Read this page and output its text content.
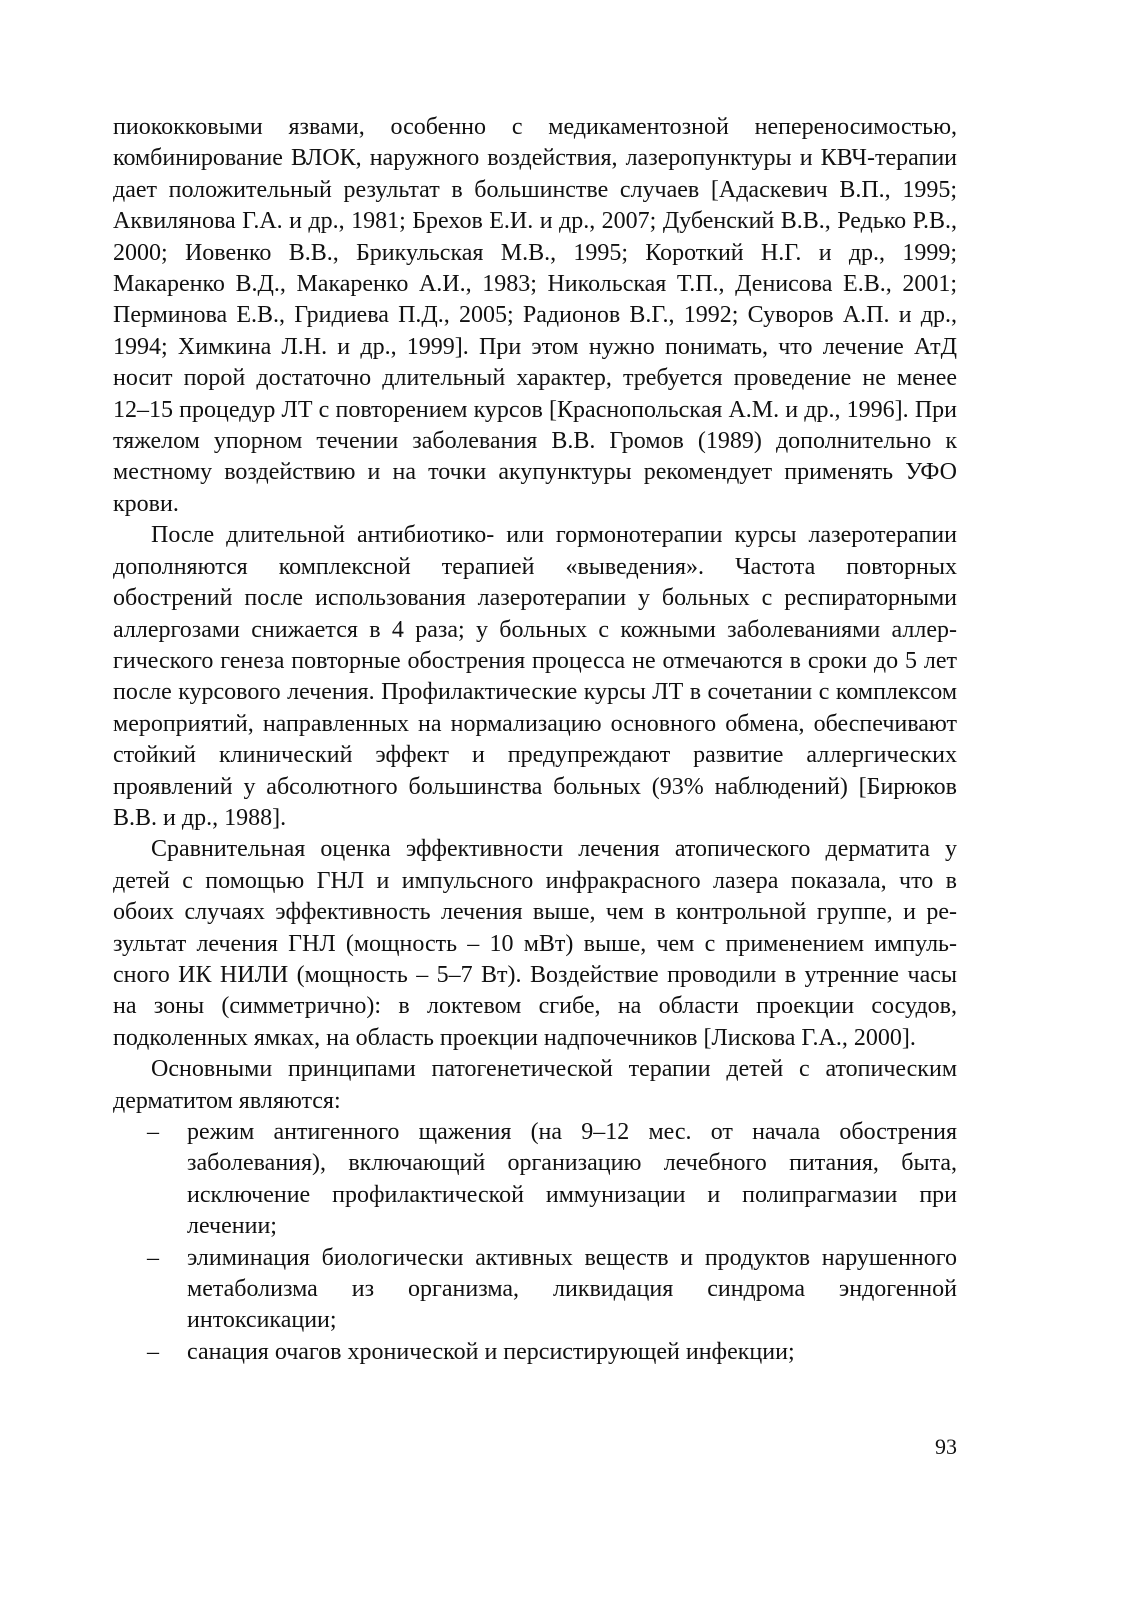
пиококковыми язвами, особенно с медикаментозной непереносимостью, комбинирование ВЛОК, наружного воздействия, лазеропунктуры и КВЧ-терапии дает положительный результат в большинстве случаев [Адаскевич В.П., 1995; Аквилянова Г.А. и др., 1981; Брехов Е.И. и др., 2007; Дубенский В.В., Редько Р.В., 2000; Иовенко В.В., Брикульская М.В., 1995; Короткий Н.Г. и др., 1999; Макаренко В.Д., Макаренко А.И., 1983; Никольская Т.П., Денисова Е.В., 2001; Перминова Е.В., Гридиева П.Д., 2005; Радионов В.Г., 1992; Суворов А.П. и др., 1994; Химкина Л.Н. и др., 1999]. При этом нужно понимать, что лечение АтД носит порой достаточно длительный характер, требуется проведение не менее 12–15 процедур ЛТ с повторением курсов [Краснопольская А.М. и др., 1996]. При тяжелом упорном течении заболевания В.В. Громов (1989) дополнительно к местному воздействию и на точки акупунктуры рекомендует применять УФО крови.

После длительной антибиотико- или гормонотерапии курсы лазеротерапии дополняются комплексной терапией «выведения». Частота повторных обострений после использования лазеротерапии у больных с респираторными аллергозами снижается в 4 раза; у больных с кожными заболеваниями аллергического генеза повторные обострения процесса не отмечаются в сроки до 5 лет после курсового лечения. Профилактические курсы ЛТ в сочетании с комплексом мероприятий, направленных на нормализацию основного обмена, обеспечивают стойкий клинический эффект и предупреждают развитие аллергических проявлений у абсолютного большинства больных (93% наблюдений) [Бирюков В.В. и др., 1988].

Сравнительная оценка эффективности лечения атопического дерматита у детей с помощью ГНЛ и импульсного инфракрасного лазера показала, что в обоих случаях эффективность лечения выше, чем в контрольной группе, и результат лечения ГНЛ (мощность – 10 мВт) выше, чем с применением импульсного ИК НИЛИ (мощность – 5–7 Вт). Воздействие проводили в утренние часы на зоны (симметрично): в локтевом сгибе, на области проекции сосудов, подколенных ямках, на область проекции надпочечников [Лискова Г.А., 2000].

Основными принципами патогенетической терапии детей с атопическим дерматитом являются:

– режим антигенного щажения (на 9–12 мес. от начала обострения заболевания), включающий организацию лечебного питания, быта, исключение профилактической иммунизации и полипрагмазии при лечении;
– элиминация биологически активных веществ и продуктов нарушенного метаболизма из организма, ликвидация синдрома эндогенной интоксикации;
– санация очагов хронической и персистирующей инфекции;
93
